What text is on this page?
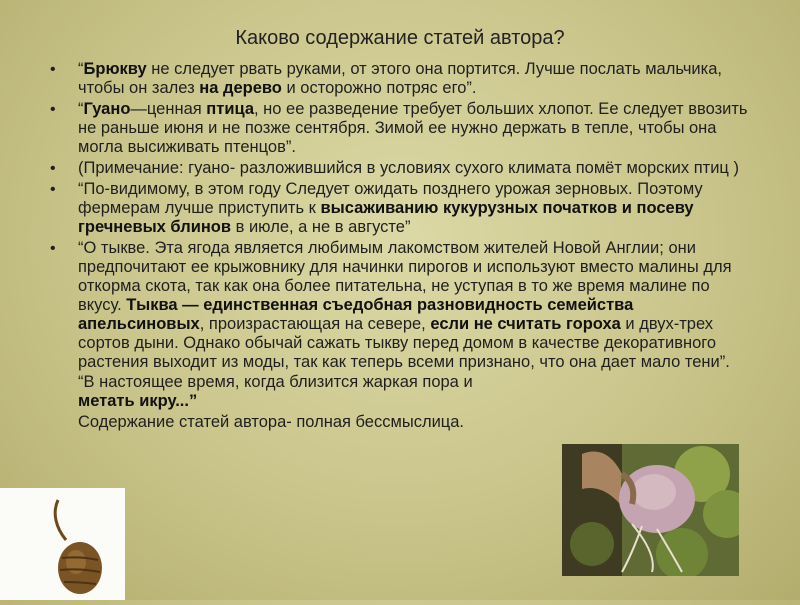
Каково содержание статей автора?
• “Брюкву не следует рвать руками, от этого она портится. Лучше послать мальчика, чтобы он залез на дерево и осторожно потряс его”.
• “Гуано—ценная птица, но ее разведение требует больших хлопот. Ее следует ввозить не раньше июня и не позже сентября. Зимой ее нужно держать в тепле, чтобы она могла высиживать птенцов”.
• (Примечание: гуано- разложившийся в условиях сухого климата помёт морских птиц )
• “По-видимому, в этом году Следует ожидать позднего урожая зерновых. Поэтому фермерам лучше приступить к высаживанию кукурузных початков и посеву гречневых блинов в июле, а не в августе”
• “О тыкве. Эта ягода является любимым лакомством жителей Новой Англии; они предпочитают ее крыжовнику для начинки пирогов и используют вместо малины для откорма скота, так как она более питательна, не уступая в то же время малине по вкусу. Тыква — единственная съедобная разновидность семейства апельсиновых, произрастающая на севере, если не считать гороха и двух-трех сортов дыни. Однако обычай сажать тыкву перед домом в качестве декоративного растения выходит из моды, так как теперь всеми признано, что она дает мало тени”.
“В настоящее время, когда близится жаркая пора и
метать икру...”
Содержание статей автора- полная бессмыслица.
